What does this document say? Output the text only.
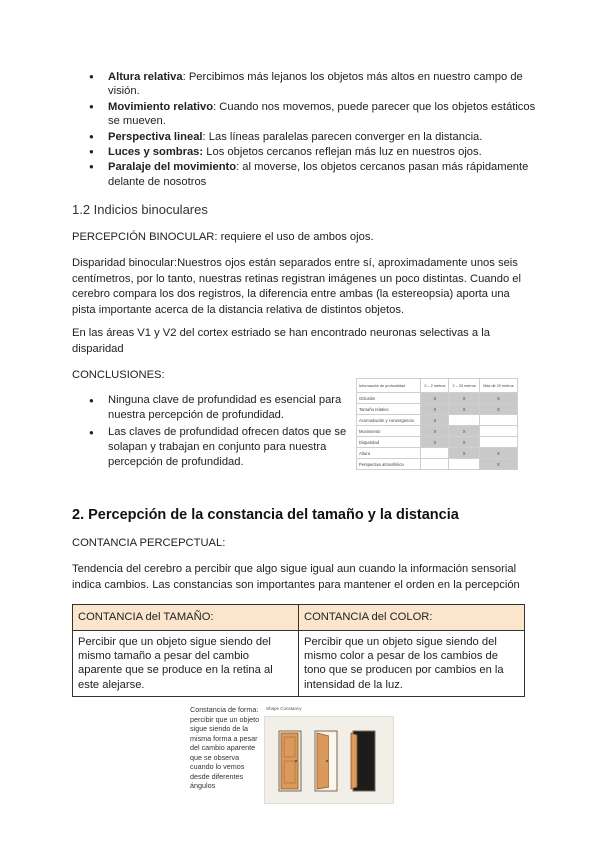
● Altura relativa: Percibimos más lejanos los objetos más altos en nuestro campo de visión.
● Movimiento relativo: Cuando nos movemos, puede parecer que los objetos estáticos se mueven.
● Perspectiva lineal: Las líneas paralelas parecen converger en la distancia.
● Luces y sombras: Los objetos cercanos reflejan más luz en nuestros ojos.
● Paralaje del movimiento: al moverse, los objetos cercanos pasan más rápidamente delante de nosotros
1.2 Indicios binoculares
PERCEPCIÓN BINOCULAR: requiere el uso de ambos ojos.
Disparidad binocular:Nuestros ojos están separados entre sí, aproximadamente unos seis centímetros, por lo tanto, nuestras retinas registran imágenes un poco distintas. Cuando el cerebro compara los dos registros, la diferencia entre ambas (la estereopsia) aporta una pista importante acerca de la distancia relativa de distintos objetos.
En las áreas V1 y V2 del cortex estriado se han encontrado neuronas selectivas a la disparidad
CONCLUSIONES:
● Ninguna clave de profundidad es esencial para nuestra percepción de profundidad.
● Las claves de profundidad ofrecen datos que se solapan y trabajan en conjunto para nuestra percepción de profundidad.
Información de profundidad	0 – 2 metros	2 – 20 metros	Más de 20 metros
Oclusión	X	X	X
Tamaño relativo	X	X	X
Acomodación y convergencia	X		
Movimiento	X	X	
Disparidad	X	X	
Altura		X	X
Perspectiva atmosférica			X
2. Percepción de la constancia del tamaño y la distancia
CONTANCIA PERCEPCTUAL:
Tendencia del cerebro a percibir que algo sigue igual aun cuando la información sensorial indica cambios. Las constancias son importantes para mantener el orden en la percepción
CONTANCIA del TAMAÑO:	CONTANCIA del COLOR:
Percibir que un objeto sigue siendo del mismo tamaño a pesar del cambio aparente que se produce en la retina al este alejarse.	Percibir que un objeto sigue siendo del mismo color a pesar de los cambios de tono que se producen por cambios en la intensidad de la luz.
Constancia de forma: percibir que un objeto sigue siendo de la misma forma a pesar del cambio aparente que se observa cuando lo vemos desde diferentes ángulos
Shape Constancy
